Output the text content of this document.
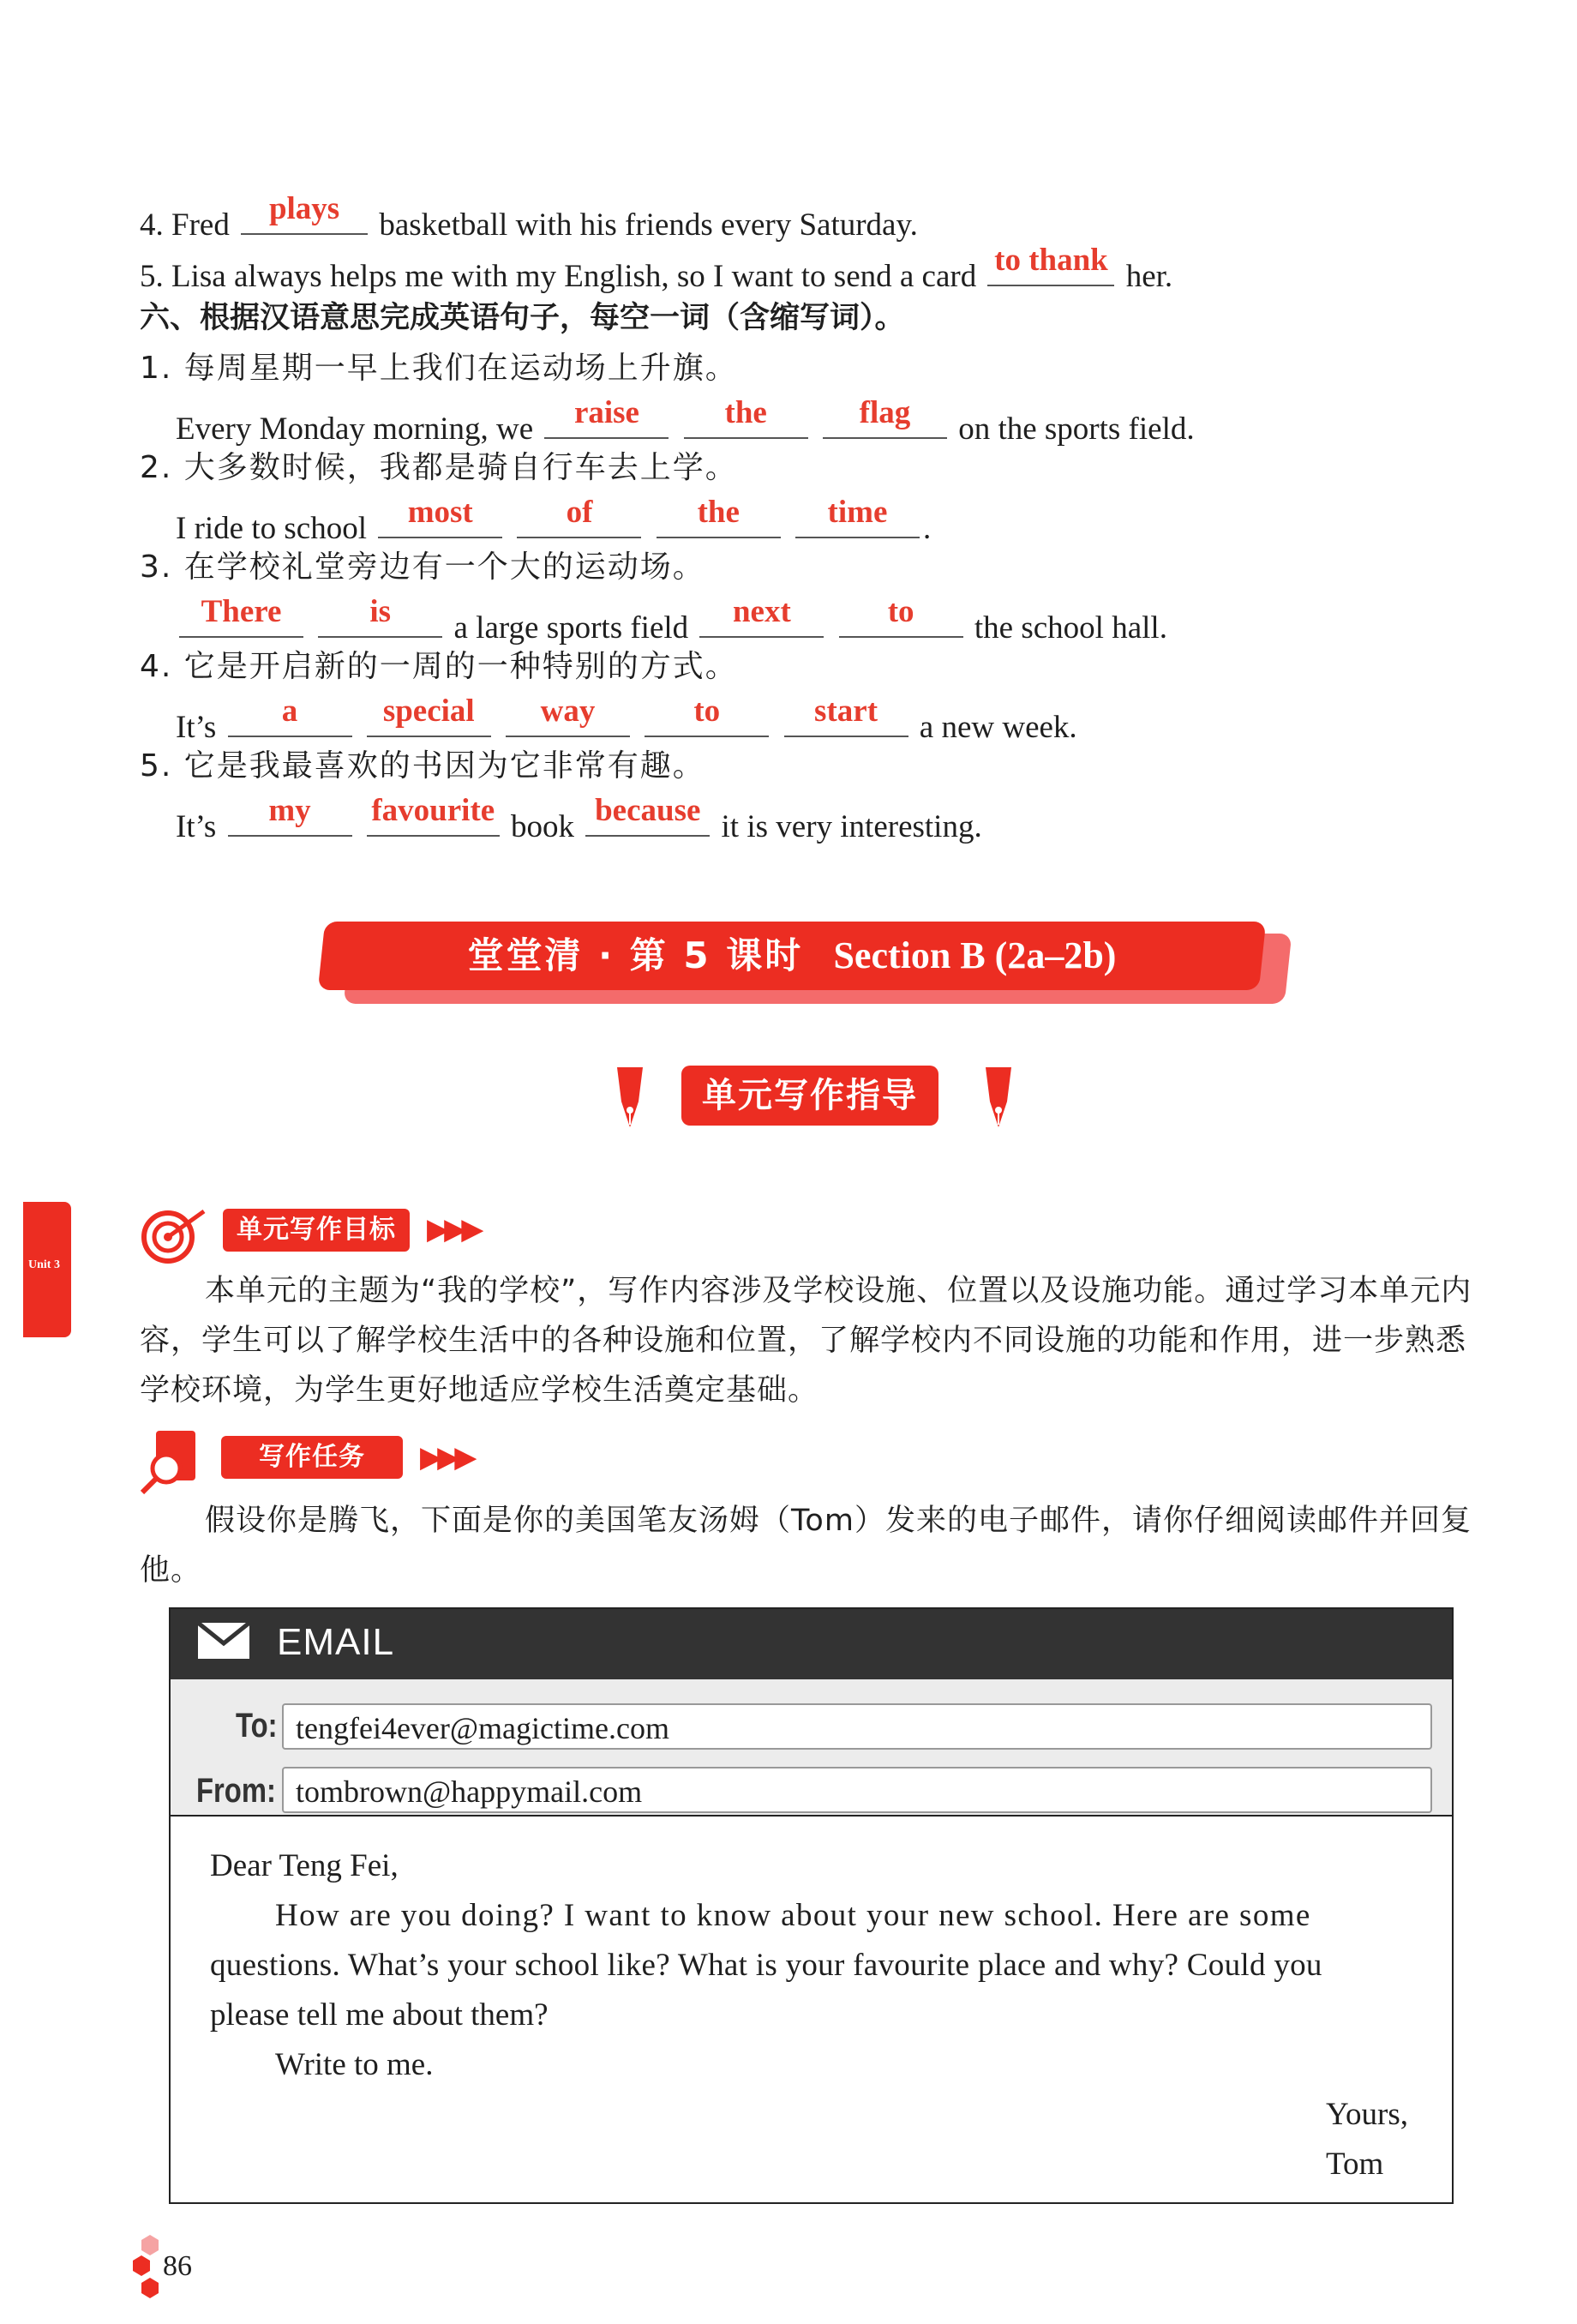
4. Fred	plays	basketball with his friends every Saturday.
5. Lisa always helps me with my English, so I want to send a card to thank her.
六、根据汉语意思完成英语句子，每空一词（含缩写词）。
1. 每周星期一早上我们在运动场上升旗。
Every Monday morning, we	raise
	the
	flag	on the sports field.
2. 大多数时候，我都是骑自行车去上学。
I ride to school	most
	of
	the
	time	.
3. 在学校礼堂旁边有一个大的运动场。
There
	is	a large sports field	next
	to	the school hall.
4. 它是开启新的一周的一种特别的方式。
It’s	a
	special
	way
	to
	start	a new week.
5. 它是我最喜欢的书因为它非常有趣。
It’s	my
	favourite book because it is very interesting.
堂堂清 · 第 5 课时 Section B (2a–2b)
单元写作指导
Unit 3
单元写作目标	▶▶▶
本单元的主题为“我的学校”，写作内容涉及学校设施、位置以及设施功能。通过学习本单元内容，学生可以了解学校生活中的各种设施和位置，了解学校内不同设施的功能和作用，进一步熟悉学校环境，为学生更好地适应学校生活奠定基础。
写作任务	▶▶▶
假设你是腾飞，下面是你的美国笔友汤姆（Tom）发来的电子邮件，请你仔细阅读邮件并回复他。
EMAIL
To: tengfei4ever@magictime.com
From: tombrown@happymail.com
Dear Teng Fei,
How are you doing? I want to know about your new school. Here are some
questions. What’s your school like? What is your favourite place and why? Could you
please tell me about them?
Write to me.
Yours,
Tom
86
